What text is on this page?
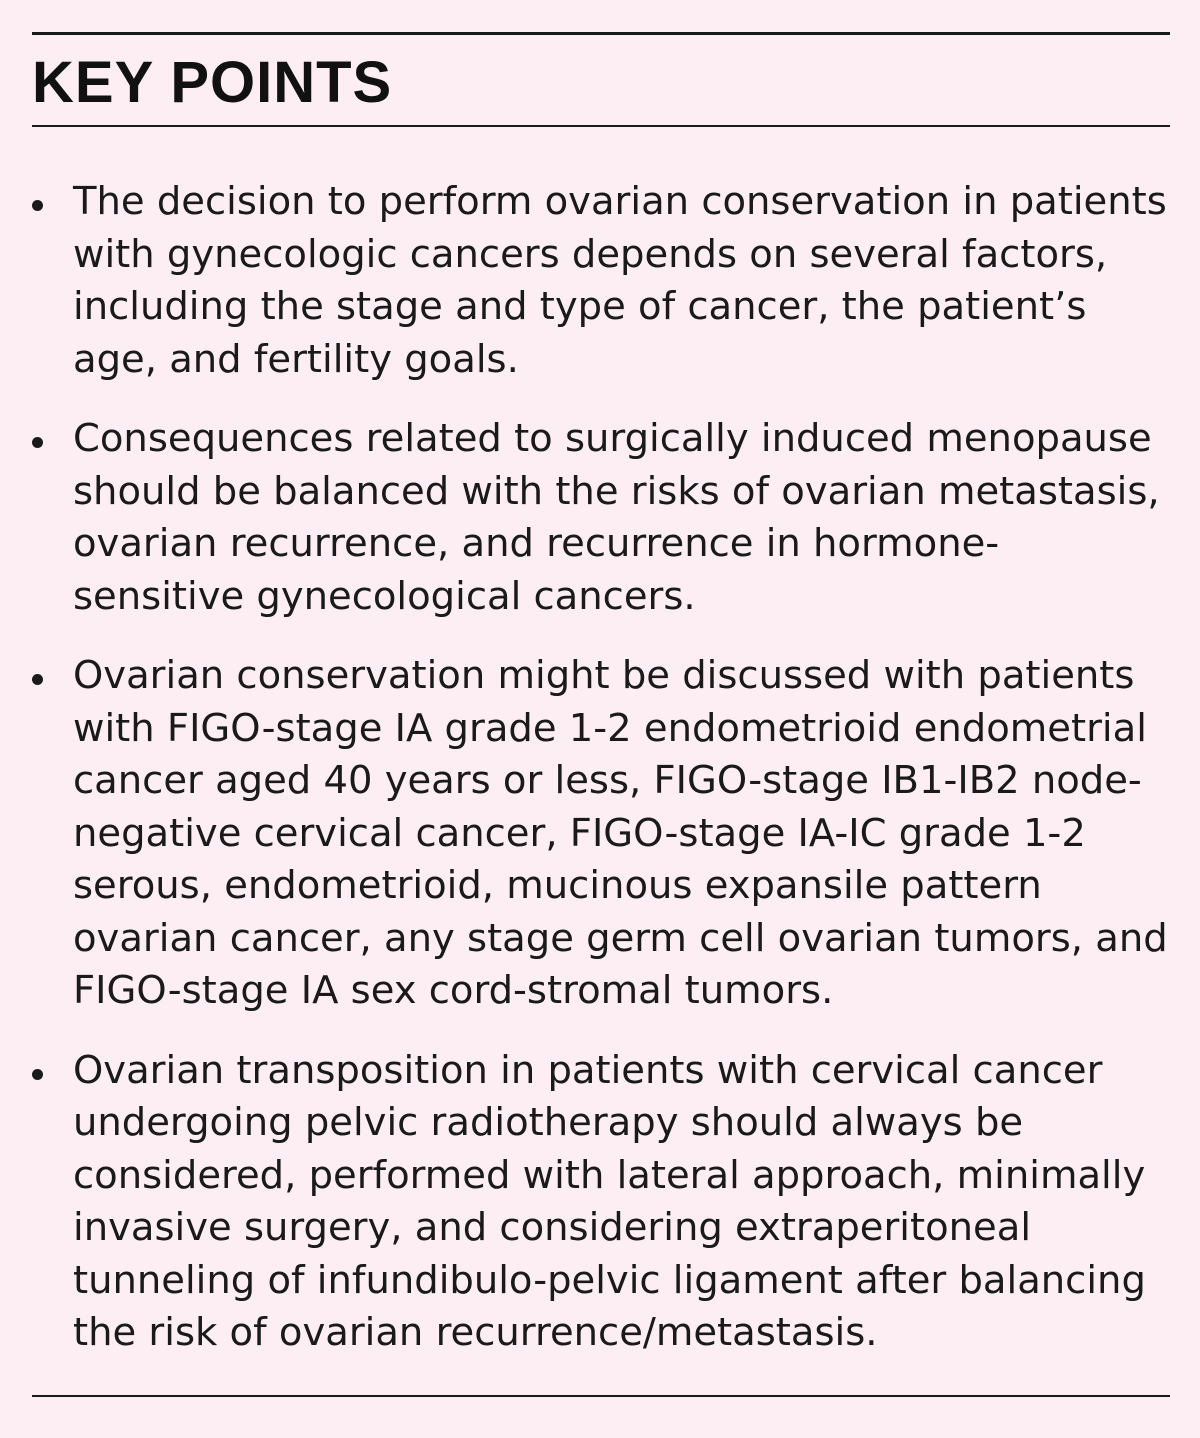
KEY POINTS
The decision to perform ovarian conservation in patients with gynecologic cancers depends on several factors, including the stage and type of cancer, the patient’s age, and fertility goals.
Consequences related to surgically induced menopause should be balanced with the risks of ovarian metastasis, ovarian recurrence, and recurrence in hormone-sensitive gynecological cancers.
Ovarian conservation might be discussed with patients with FIGO-stage IA grade 1-2 endometrioid endometrial cancer aged 40 years or less, FIGO-stage IB1-IB2 node-negative cervical cancer, FIGO-stage IA-IC grade 1-2 serous, endometrioid, mucinous expansile pattern ovarian cancer, any stage germ cell ovarian tumors, and FIGO-stage IA sex cord-stromal tumors.
Ovarian transposition in patients with cervical cancer undergoing pelvic radiotherapy should always be considered, performed with lateral approach, minimally invasive surgery, and considering extraperitoneal tunneling of infundibulo-pelvic ligament after balancing the risk of ovarian recurrence/metastasis.
